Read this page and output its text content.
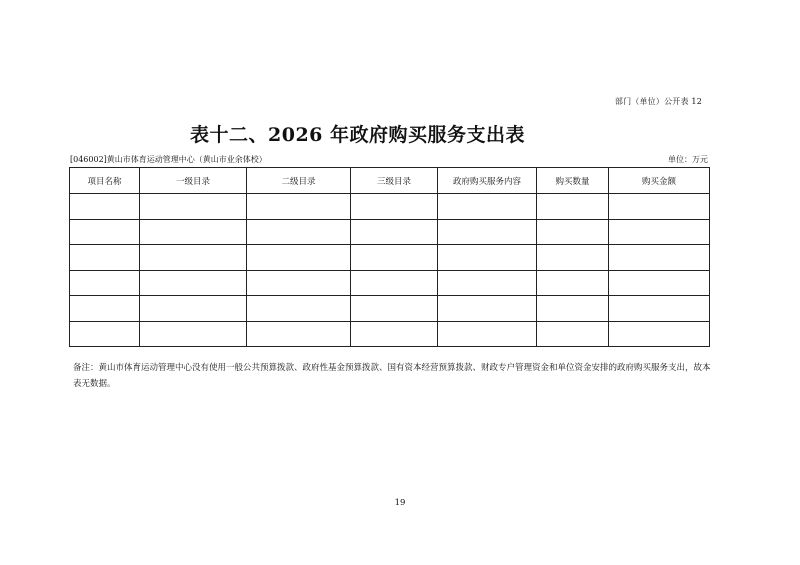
部门（单位）公开表 12
表十二、2026 年政府购买服务支出表
[046002]黄山市体育运动管理中心（黄山市业余体校）	单位：万元
项目名称	一级目录	二级目录	三级目录	政府购买服务内容	购买数量	购买金额

备注：黄山市体育运动管理中心没有使用一般公共预算拨款、政府性基金预算拨款、国有资本经营预算拨款、财政专户管理资金和单位资金安排的政府购买服务支出，故本表无数据。
19
